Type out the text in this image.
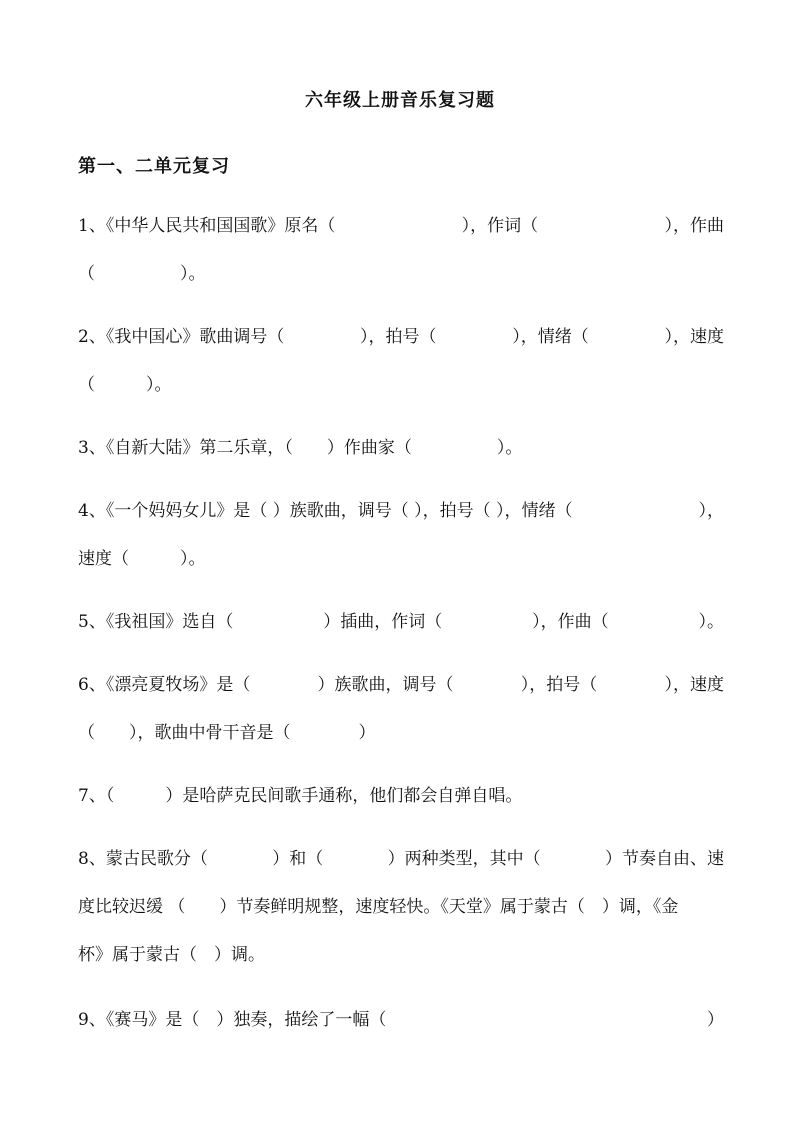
六年级上册音乐复习题
第一、二单元复习
1、《中华人民共和国国歌》原名（	），作词（	），作曲
（　　　　　）。
2、《我中国心》歌曲调号（	），拍号（	），情绪（	），速度
（　　　）。
3、《自新大陆》第二乐章，（　　）作曲家（　　　　　）。
4、《一个妈妈女儿》是（ ）族歌曲，调号（ ），拍号（ ），情绪（	），
速度（　　　）。
5、《我祖国》选自（	）插曲，作词（	），作曲（	）。
6、《漂亮夏牧场》是（	）族歌曲，调号（	），拍号（	），速度
（　　），歌曲中骨干音是（　　　　）
7、（　　　）是哈萨克民间歌手通称，他们都会自弹自唱。
8、蒙古民歌分（	）和（	）两种类型，其中（	）节奏自由、速
度比较迟缓 （　　）节奏鲜明规整，速度轻快。《天堂》属于蒙古（　）调，《金
杯》属于蒙古（　）调。
9、《赛马》是（　）独奏，描绘了一幅（	）
